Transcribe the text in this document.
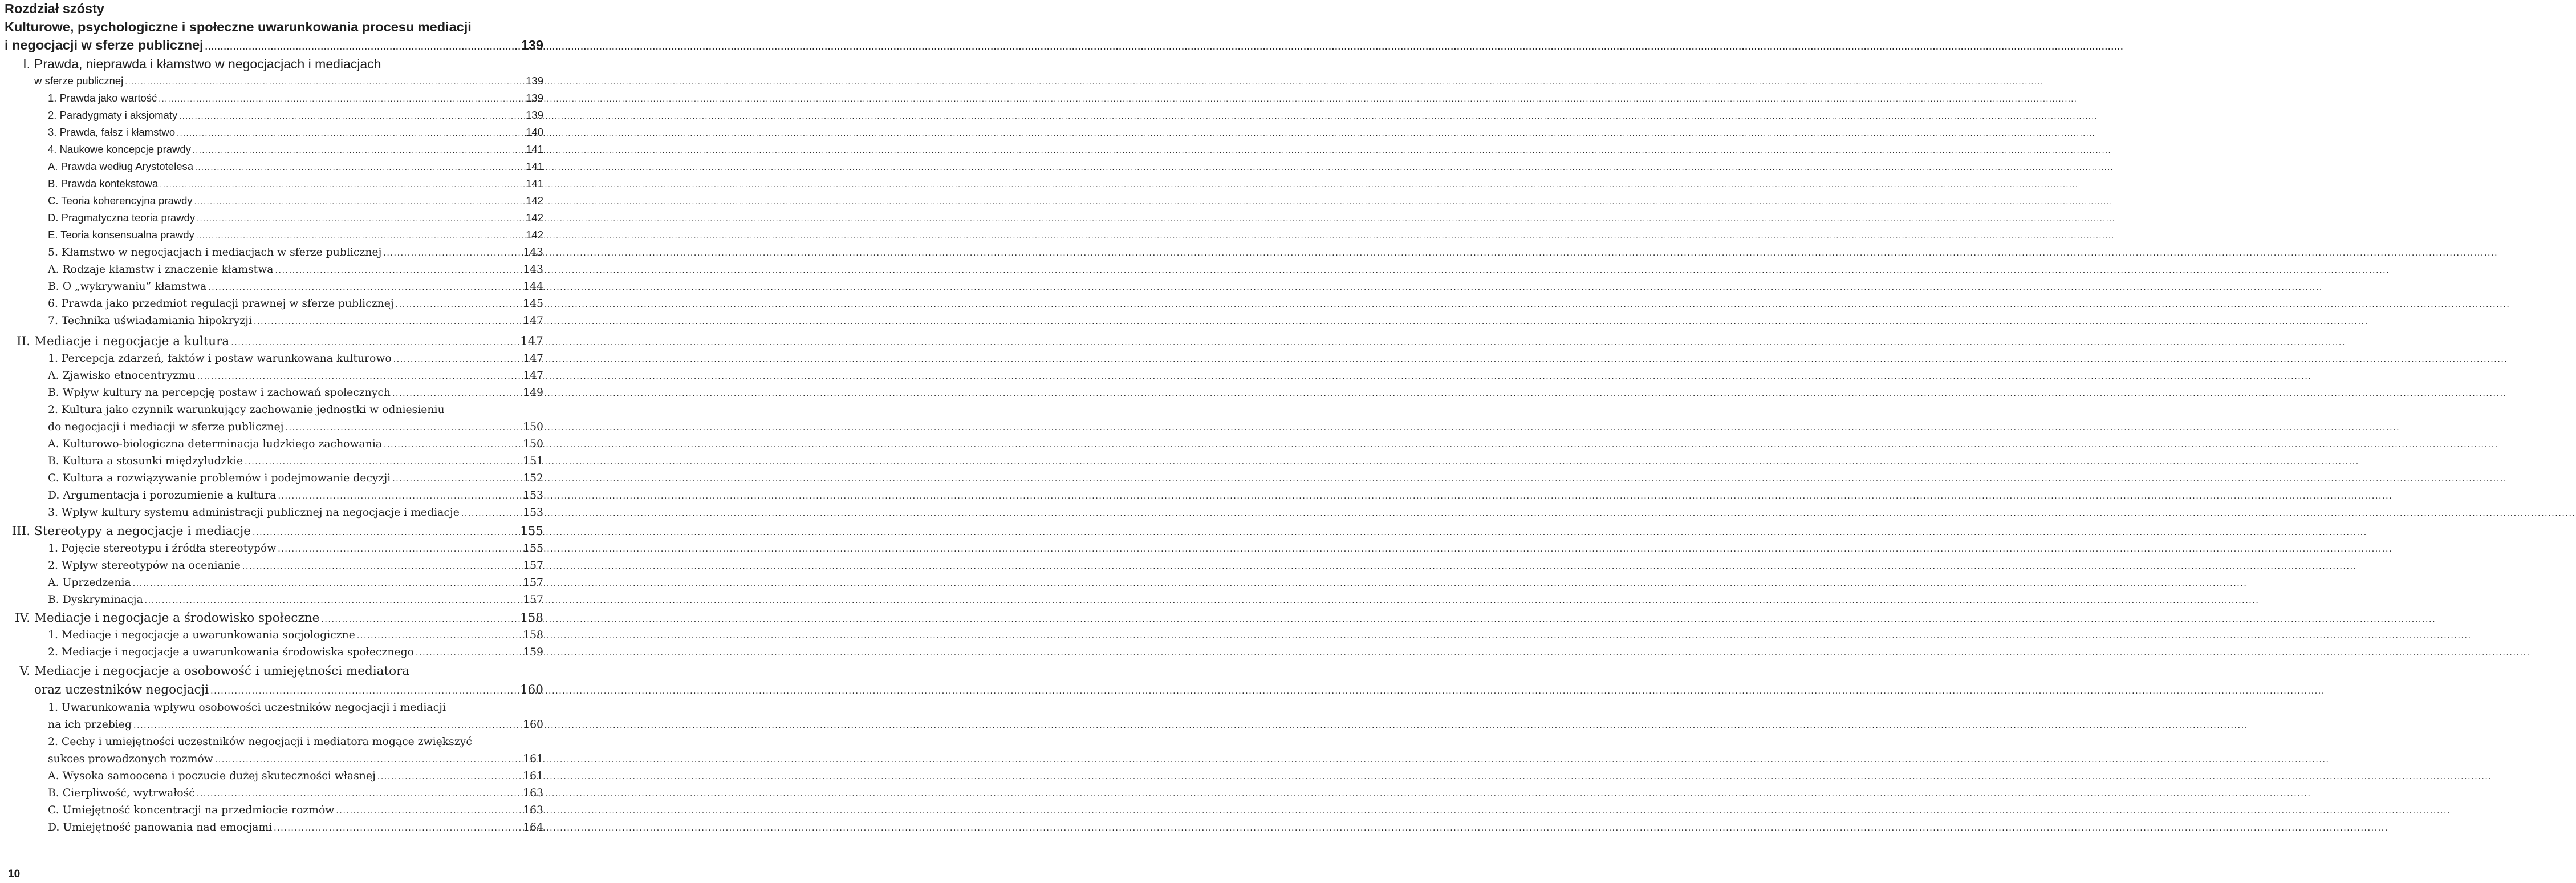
Rozdział szósty
Kulturowe, psychologiczne i społeczne uwarunkowania procesu mediacji
i negocjacji w sferze publicznej .....	139
I. Prawda, nieprawda i kłamstwo w negocjacjach i mediacjach
w sferze publicznej .....	139
1. Prawda jako wartość .....	139
2. Paradygmaty i aksjomaty .....	139
3. Prawda, fałsz i kłamstwo .....	140
4. Naukowe koncepcje prawdy .....	141
A. Prawda według Arystotelesa .....	141
B. Prawda kontekstowa .....	141
C. Teoria koherencyjna prawdy .....	142
D. Pragmatyczna teoria prawdy .....	142
E. Teoria konsensualna prawdy .....	142
5. Kłamstwo w negocjacjach i mediacjach w sferze publicznej .....	143
A. Rodzaje kłamstw i znaczenie kłamstwa .....	143
B. O „wykrywaniu” kłamstwa .....	144
6. Prawda jako przedmiot regulacji prawnej w sferze publicznej .....	145
7. Technika uświadamiania hipokryzji .....	147
II. Mediacje i negocjacje a kultura .....	147
1. Percepcja zdarzeń, faktów i postaw warunkowana kulturowo .....	147
A. Zjawisko etnocentryzmu .....	147
B. Wpływ kultury na percepcję postaw i zachowań społecznych .....	149
2. Kultura jako czynnik warunkujący zachowanie jednostki w odniesieniu
do negocjacji i mediacji w sferze publicznej .....	150
A. Kulturowo-biologiczna determinacja ludzkiego zachowania .....	150
B. Kultura a stosunki międzyludzkie .....	151
C. Kultura a rozwiązywanie problemów i podejmowanie decyzji .....	152
D. Argumentacja i porozumienie a kultura .....	153
3. Wpływ kultury systemu administracji publicznej na negocjacje i mediacje .....	153
III. Stereotypy a negocjacje i mediacje .....	155
1. Pojęcie stereotypu i źródła stereotypów .....	155
2. Wpływ stereotypów na ocenianie .....	157
A. Uprzedzenia .....	157
B. Dyskryminacja .....	157
IV. Mediacje i negocjacje a środowisko społeczne .....	158
1. Mediacje i negocjacje a uwarunkowania socjologiczne .....	158
2. Mediacje i negocjacje a uwarunkowania środowiska społecznego .....	159
V. Mediacje i negocjacje a osobowość i umiejętności mediatora
oraz uczestników negocjacji .....	160
1. Uwarunkowania wpływu osobowości uczestników negocjacji i mediacji
na ich przebieg .....	160
2. Cechy i umiejętności uczestników negocjacji i mediatora mogące zwiększyć
sukces prowadzonych rozmów .....	161
A. Wysoka samoocena i poczucie dużej skuteczności własnej .....	161
B. Cierpliwość, wytrwałość .....	163
C. Umiejętność koncentracji na przedmiocie rozmów .....	163
D. Umiejętność panowania nad emocjami .....	164
10
